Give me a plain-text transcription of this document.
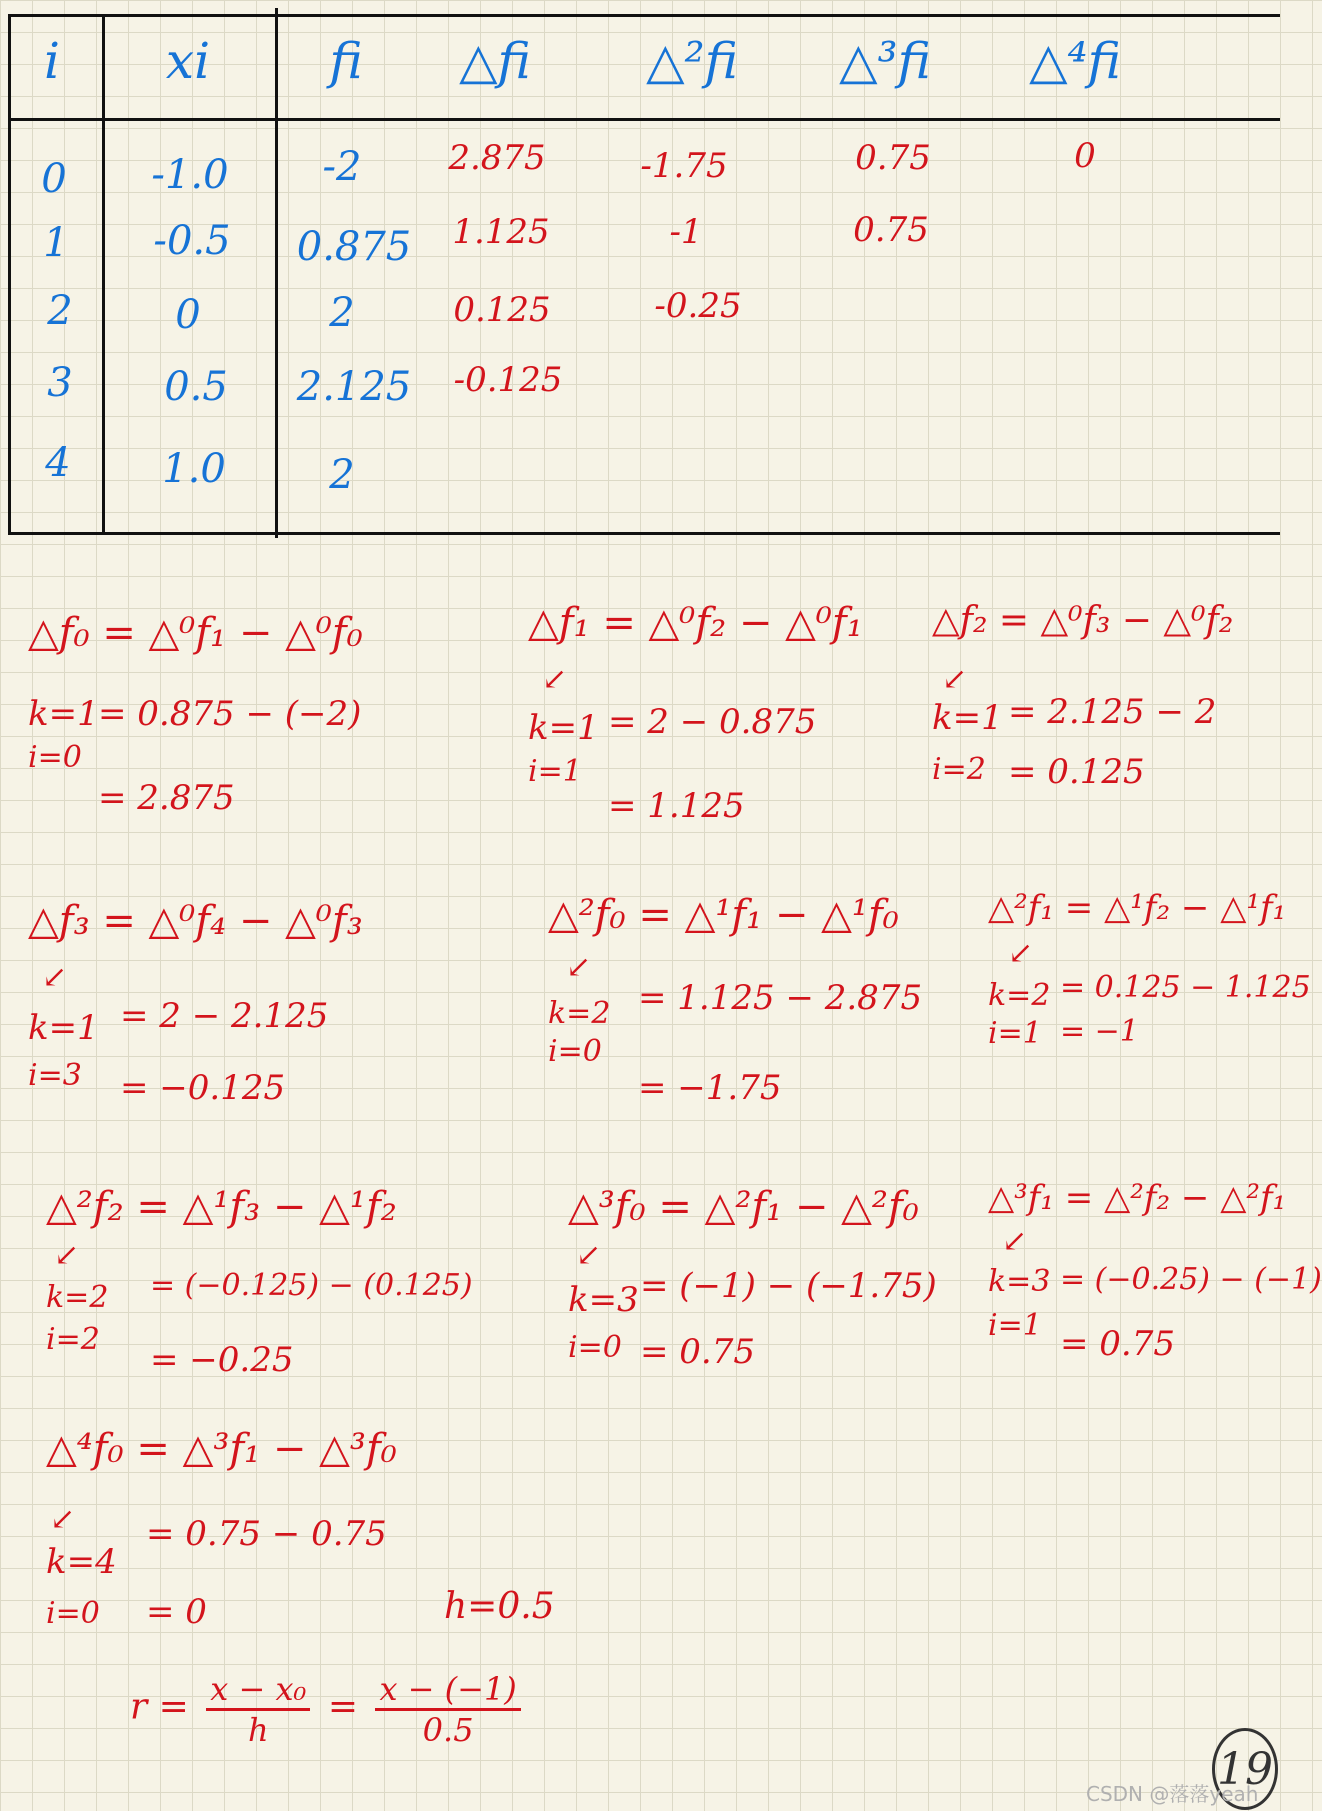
i xi fi △fi △²fi △³fi △⁴fi
0 -1.0 -2	2.875	-1.75	0.75	0
1 -0.5 0.875 1.125	-1	0.75
2	0	2	0.125	-0.25
3 0.5 2.125 -0.125
4 1.0	2
△f₀ = △⁰f₁ − △⁰f₀
k=1
i=0
= 0.875 − (−2)
= 2.875
△f₁ = △⁰f₂ − △⁰f₁
↙
k=1
i=1
= 2 − 0.875
= 1.125
△f₂ = △⁰f₃ − △⁰f₂
↙
k=1
i=2
= 2.125 − 2
= 0.125
△f₃ = △⁰f₄ − △⁰f₃
↙
k=1
i=3
= 2 − 2.125
= −0.125
△²f₀ = △¹f₁ − △¹f₀
↙
k=2
i=0
= 1.125 − 2.875
= −1.75
△²f₁ = △¹f₂ − △¹f₁
↙
k=2
i=1
= 0.125 − 1.125
= −1
△²f₂ = △¹f₃ − △¹f₂
↙
k=2
i=2
= (−0.125) − (0.125)
= −0.25
△³f₀ = △²f₁ − △²f₀
↙
k=3
i=0
= (−1) − (−1.75)
= 0.75
△³f₁ = △²f₂ − △²f₁
↙
k=3
i=1
= (−0.25) − (−1)
= 0.75
△⁴f₀ = △³f₁ − △³f₀
↙
k=4
i=0
= 0.75 − 0.75
= 0	h=0.5
$r = \frac{\text{x − x₀}}{h} = \frac{x - (-1)}{0.5}$
19
CSDN @落落yeah
